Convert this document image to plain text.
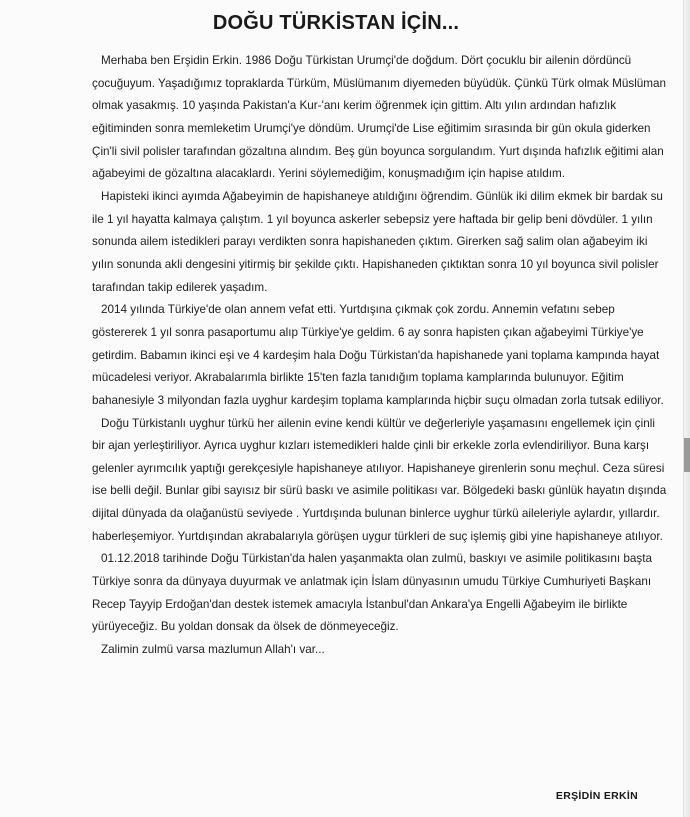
DOĞU TÜRKİSTAN İÇİN...

Merhaba ben Erşidin Erkin. 1986 Doğu Türkistan Urumçi'de doğdum. Dört çocuklu bir ailenin dördüncü çocuğuyum. Yaşadığımız topraklarda Türküm, Müslümanım diyemeden büyüdük. Çünkü Türk olmak Müslüman olmak yasakmış. 10 yaşında Pakistan'a Kur-'anı kerim öğrenmek için gittim. Altı yılın ardından hafızlık eğitiminden sonra memleketim Urumçi'ye döndüm. Urumçi'de Lise eğitimim sırasında bir gün okula giderken Çin'li sivil polisler tarafından gözaltına alındım. Beş gün boyunca sorgulandım. Yurt dışında hafızlık eğitimi alan ağabeyimi de gözaltına alacaklardı. Yerini söylemediğim, konuşmadığım için hapise atıldım.

Hapisteki ikinci ayımda Ağabeyimin de hapishaneye atıldığını öğrendim. Günlük iki dilim ekmek bir bardak su ile 1 yıl hayatta kalmaya çalıştım. 1 yıl boyunca askerler sebepsiz yere haftada bir gelip beni dövdüler. 1 yılın sonunda ailem istedikleri parayı verdikten sonra hapishaneden çıktım. Girerken sağ salim olan ağabeyim iki yılın sonunda akli dengesini yitirmiş bir şekilde çıktı. Hapishaneden çıktıktan sonra 10 yıl boyunca sivil polisler tarafından takip edilerek yaşadım.

2014 yılında Türkiye'de olan annem vefat etti. Yurtdışına çıkmak çok zordu. Annemin vefatını sebep göstererek 1 yıl sonra pasaportumu alıp Türkiye'ye geldim. 6 ay sonra hapisten çıkan ağabeyimi Türkiye'ye getirdim. Babamın ikinci eşi ve 4 kardeşim hala Doğu Türkistan'da hapishanede yani toplama kampında hayat mücadelesi veriyor. Akrabalarımla birlikte 15'ten fazla tanıdığım toplama kamplarında bulunuyor. Eğitim bahanesiyle 3 milyondan fazla uyghur kardeşim toplama kamplarında hiçbir suçu olmadan zorla tutsak ediliyor.

Doğu Türkistanlı uyghur türkü her ailenin evine kendi kültür ve değerleriyle yaşamasını engellemek için çinli bir ajan yerleştiriliyor. Ayrıca uyghur kızları istemedikleri halde çinli bir erkekle zorla evlendiriliyor. Buna karşı gelenler ayrımcılık yaptığı gerekçesiyle hapishaneye atılıyor. Hapishaneye girenlerin sonu meçhul. Ceza süresi ise belli değil. Bunlar gibi sayısız bir sürü baskı ve asimile politikası var. Bölgedeki baskı günlük hayatın dışında dijital dünyada da olağanüstü seviyede . Yurtdışında bulunan binlerce uyghur türkü aileleriyle aylardır, yıllardır. haberleşemiyor. Yurtdışından akrabalarıyla görüşen uygur türkleri de suç işlemiş gibi yine hapishaneye atılıyor.

01.12.2018 tarihinde Doğu Türkistan'da halen yaşanmakta olan zulmü, baskıyı ve asimile politikasını başta Türkiye sonra da dünyaya duyurmak ve anlatmak için İslam dünyasının umudu Türkiye Cumhuriyeti Başkanı Recep Tayyip Erdoğan'dan destek istemek amacıyla İstanbul'dan Ankara'ya Engelli Ağabeyim ile birlikte yürüyeceğiz. Bu yoldan donsak da ölsek de dönmeyeceğiz.

Zalimin zulmü varsa mazlumun Allah'ı var...

ERŞİDİN ERKİN
